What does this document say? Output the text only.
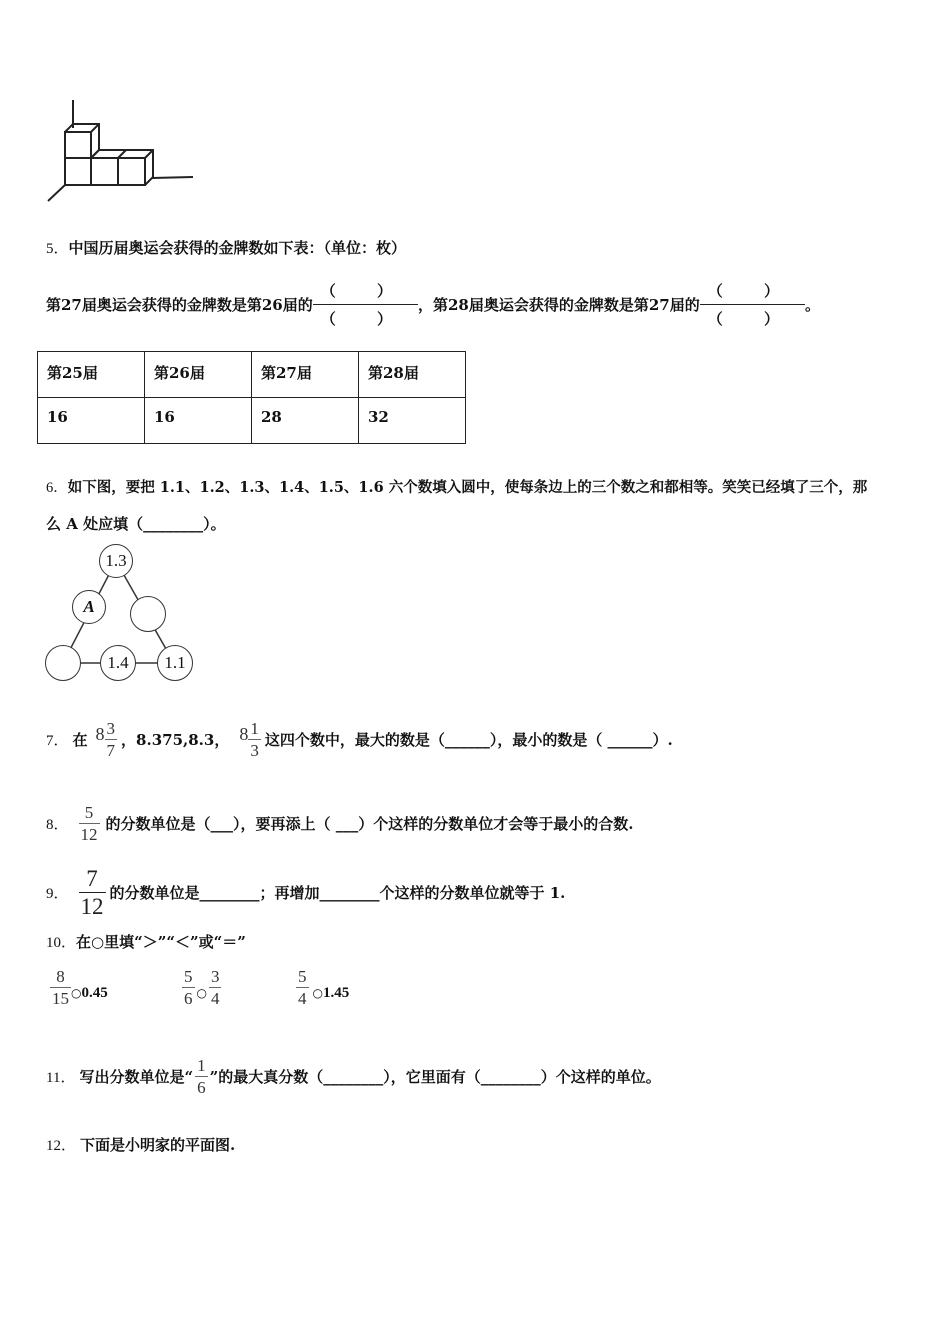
5．中国历届奥运会获得的金牌数如下表：（单位：枚）
第27届奥运会获得的金牌数是第26届的 $\frac{( )}{( )}$ ，第28届奥运会获得的金牌数是第27届的 $\frac{( )}{( )}$ 。
第25届	第26届	第27届	第28届
16	16	28	32
6．如下图，要把 1.1、1.2、1.3、1.4、1.5、1.6 六个数填入圆中，使每条边上的三个数之和都相等。笑笑已经填了三个，那
么 A 处应填（________）。
1.3
A
1.4	1.1
7． 在 $8 \frac{3}{7}$ ，8.375,8.3， $8 \frac{1}{3}$ 这四个数中，最大的数是（______），最小的数是（ ______）.
8． $\frac{5}{12}$ 的分数单位是（___），要再添上（ ___）个这样的分数单位才会等于最小的合数.
9． $\frac{7}{12}$ 的分数单位是________；再增加________个这样的分数单位就等于 1.
10．在○里填“＞”“＜”或“＝”
$\frac{8}{15}$ ○ 0.45	$\frac{5}{6}$ ○ $\frac{3}{4}$	$\frac{5}{4}$ ○ 1.45
11． 写出分数单位是“ $\frac{1}{6}$ ”的最大真分数（________），它里面有（________）个这样的单位。
12． 下面是小明家的平面图.
